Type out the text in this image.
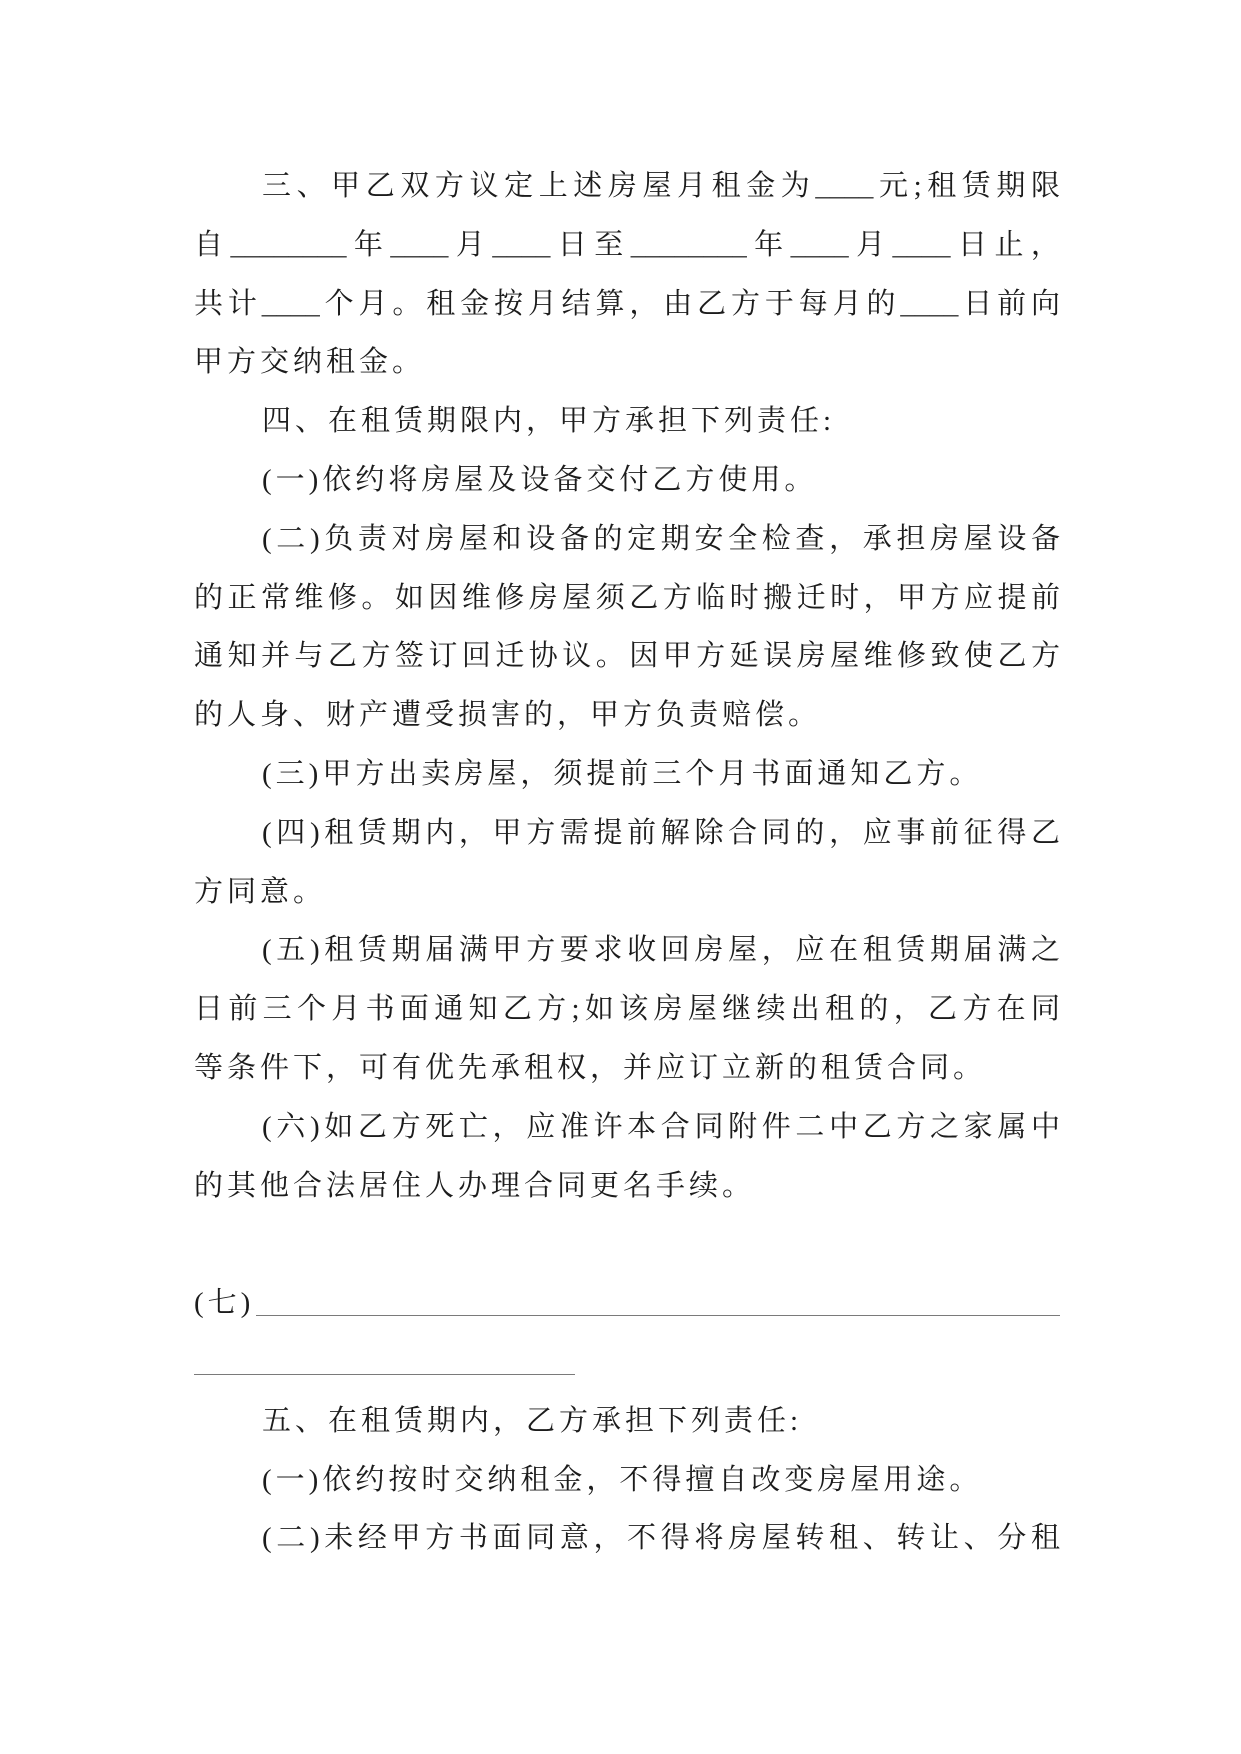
三、甲乙双方议定上述房屋月租金为____ 元;租赁期限
自________ 年____ 月____ 日至________ 年____ 月____ 日止，
共计____ 个月。租金按月结算，由乙方于每月的____ 日前向
甲方交纳租金。
四、在租赁期限内，甲方承担下列责任:
(一)依约将房屋及设备交付乙方使用。
(二)负责对房屋和设备的定期安全检查，承担房屋设备
的正常维修。如因维修房屋须乙方临时搬迁时，甲方应提前
通知并与乙方签订回迁协议。因甲方延误房屋维修致使乙方
的人身、财产遭受损害的，甲方负责赔偿。
(三)甲方出卖房屋，须提前三个月书面通知乙方。
(四)租赁期内，甲方需提前解除合同的，应事前征得乙
方同意。
(五)租赁期届满甲方要求收回房屋，应在租赁期届满之
日前三个月书面通知乙方;如该房屋继续出租的，乙方在同
等条件下，可有优先承租权，并应订立新的租赁合同。
(六)如乙方死亡，应准许本合同附件二中乙方之家属中
的其他合法居住人办理合同更名手续。
(七)
五、在租赁期内，乙方承担下列责任:
(一)依约按时交纳租金，不得擅自改变房屋用途。
(二)未经甲方书面同意，不得将房屋转租、转让、分租
